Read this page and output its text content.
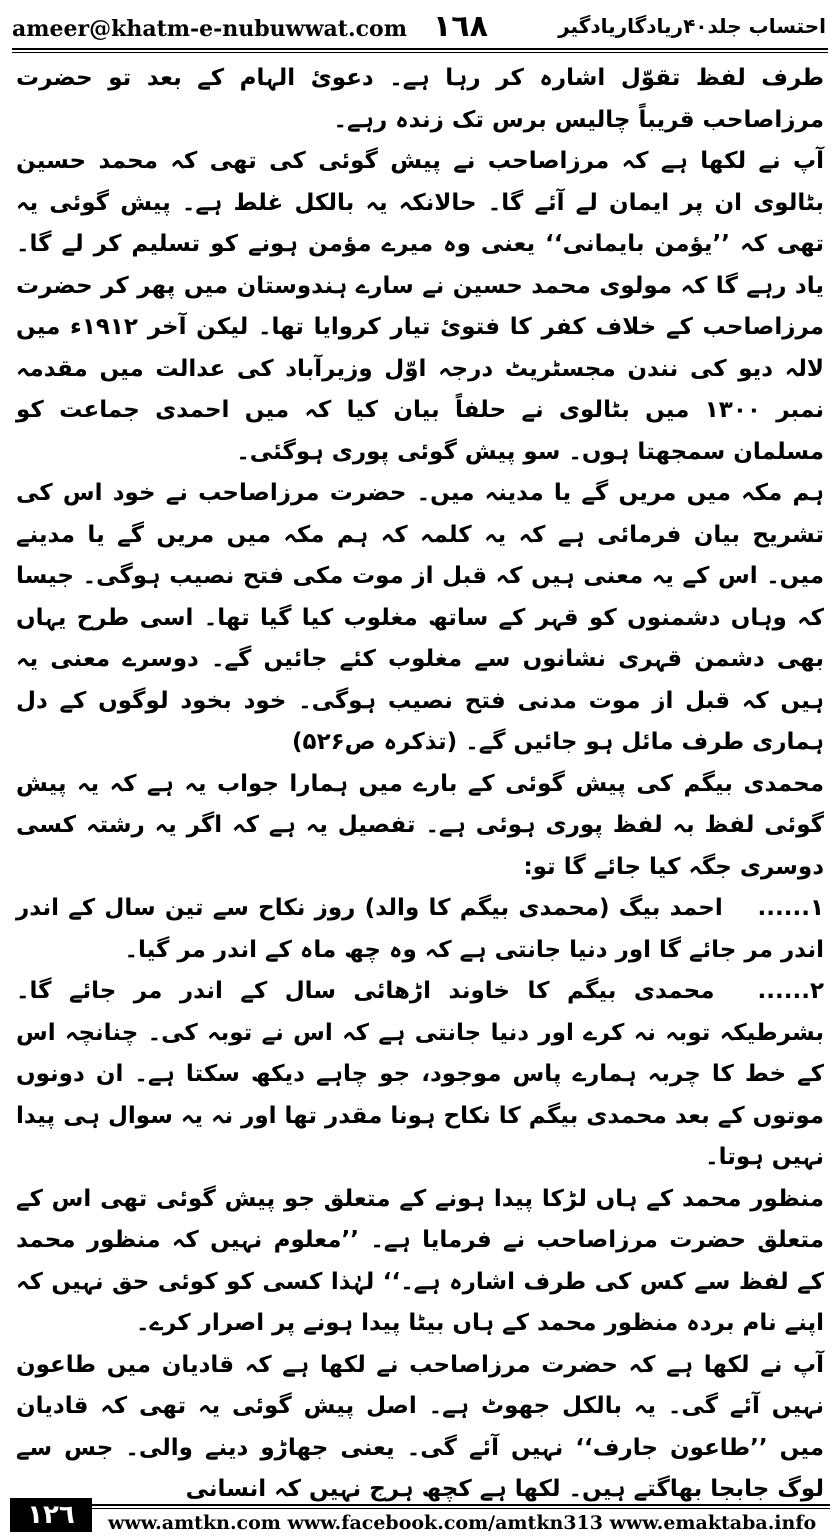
ameer@khatm-e-nubuwwat.com ١٦٨	احتساب جلد۴۰ریادگاریادگیر

طرف لفظ تقوّل اشارہ کر رہا ہے۔ دعوئ الہام کے بعد تو حضرت مرزاصاحب قریباً چالیس برس تک زندہ رہے۔

آپ نے لکھا ہے کہ مرزاصاحب نے پیش گوئی کی تھی کہ محمد حسین بٹالوی ان پر ایمان لے آئے گا۔ حالانکہ یہ بالکل غلط ہے۔ پیش گوئی یہ تھی کہ ’’یؤمن بایمانی‘‘ یعنی وہ میرے مؤمن ہونے کو تسلیم کر لے گا۔ یاد رہے گا کہ مولوی محمد حسین نے سارے ہندوستان میں پھر کر حضرت مرزاصاحب کے خلاف کفر کا فتوئ تیار کروایا تھا۔ لیکن آخر ۱۹۱۲ء میں لالہ دیو کی نندن مجسٹریٹ درجہ اوّل وزیرآباد کی عدالت میں مقدمہ نمبر ۱۳۰۰ میں بٹالوی نے حلفاً بیان کیا کہ میں احمدی جماعت کو مسلمان سمجھتا ہوں۔ سو پیش گوئی پوری ہوگئی۔

ہم مکہ میں مریں گے یا مدینہ میں۔ حضرت مرزاصاحب نے خود اس کی تشریح بیان فرمائی ہے کہ یہ کلمہ کہ ہم مکہ میں مریں گے یا مدینے میں۔ اس کے یہ معنی ہیں کہ قبل از موت مکی فتح نصیب ہوگی۔ جیسا کہ وہاں دشمنوں کو قہر کے ساتھ مغلوب کیا گیا تھا۔ اسی طرح یہاں بھی دشمن قہری نشانوں سے مغلوب کئے جائیں گے۔ دوسرے معنی یہ ہیں کہ قبل از موت مدنی فتح نصیب ہوگی۔ خود بخود لوگوں کے دل ہماری طرف مائل ہو جائیں گے۔ (تذکرہ ص۵۲۶)

محمدی بیگم کی پیش گوئی کے بارے میں ہمارا جواب یہ ہے کہ یہ پیش گوئی لفظ بہ لفظ پوری ہوئی ہے۔ تفصیل یہ ہے کہ اگر یہ رشتہ کسی دوسری جگہ کیا جائے گا تو:

۱...... احمد بیگ (محمدی بیگم کا والد) روز نکاح سے تین سال کے اندر اندر مر جائے گا اور دنیا جانتی ہے کہ وہ چھ ماہ کے اندر مر گیا۔

۲...... محمدی بیگم کا خاوند اڑھائی سال کے اندر مر جائے گا۔ بشرطیکہ توبہ نہ کرے اور دنیا جانتی ہے کہ اس نے توبہ کی۔ چنانچہ اس کے خط کا چربہ ہمارے پاس موجود، جو چاہے دیکھ سکتا ہے۔ ان دونوں موتوں کے بعد محمدی بیگم کا نکاح ہونا مقدر تھا اور نہ یہ سوال ہی پیدا نہیں ہوتا۔

منظور محمد کے ہاں لڑکا پیدا ہونے کے متعلق جو پیش گوئی تھی اس کے متعلق حضرت مرزاصاحب نے فرمایا ہے۔ ’’معلوم نہیں کہ منظور محمد کے لفظ سے کس کی طرف اشارہ ہے۔‘‘ لہٰذا کسی کو کوئی حق نہیں کہ اپنے نام بردہ منظور محمد کے ہاں بیٹا پیدا ہونے پر اصرار کرے۔

آپ نے لکھا ہے کہ حضرت مرزاصاحب نے لکھا ہے کہ قادیان میں طاعون نہیں آئے گی۔ یہ بالکل جھوٹ ہے۔ اصل پیش گوئی یہ تھی کہ قادیان میں ’’طاعون جارف‘‘ نہیں آئے گی۔ یعنی جھاڑو دینے والی۔ جس سے لوگ جابجا بھاگتے ہیں۔ لکھا ہے کچھ ہرج نہیں کہ انسانی

١٢٦	www.amtkn.com www.facebook.com/amtkn313 www.emaktaba.info
